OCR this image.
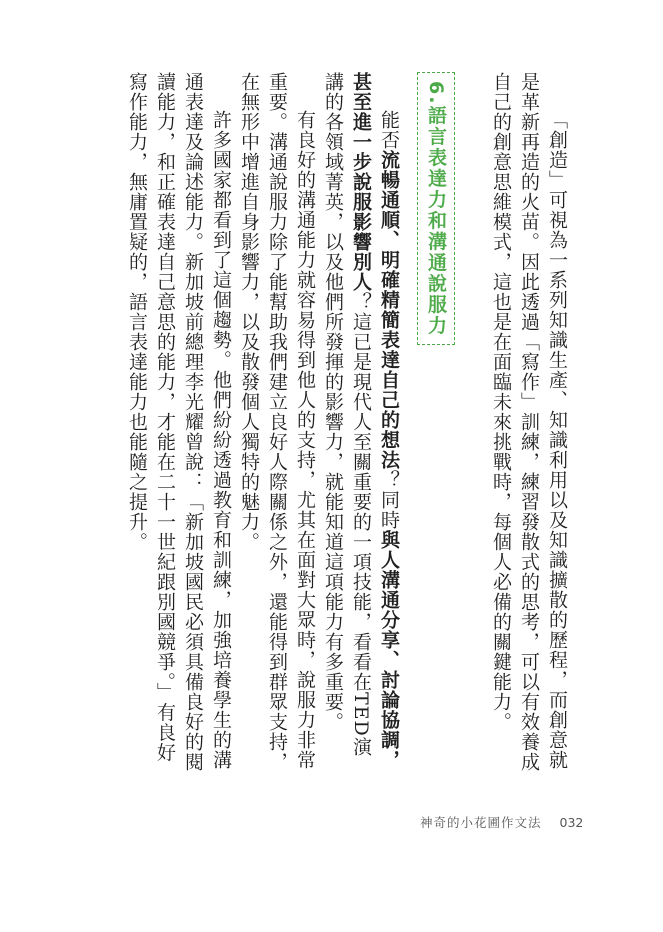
「創造」可視為一系列知識生產、知識利用以及知識擴散的歷程，而創意就是革新再造的火苗。因此透過「寫作」訓練，練習發散式的思考，可以有效養成自己的創意思維模式，這也是在面臨未來挑戰時，每個人必備的關鍵能力。

6.語言表達力和溝通說服力

能否流暢通順、明確精簡表達自己的想法？同時與人溝通分享、討論協調，甚至進一步說服影響別人？這已是現代人至關重要的一項技能，看看在TED演講的各領域菁英，以及他們所發揮的影響力，就能知道這項能力有多重要。

有良好的溝通能力就容易得到他人的支持，尤其在面對大眾時，說服力非常重要。溝通說服力除了能幫助我們建立良好人際關係之外，還能得到群眾支持，在無形中增進自身影響力，以及散發個人獨特的魅力。

許多國家都看到了這個趨勢。他們紛紛透過教育和訓練，加強培養學生的溝通表達及論述能力。新加坡前總理李光耀曾說：「新加坡國民必須具備良好的閱讀能力，和正確表達自己意思的能力，才能在二十一世紀跟別國競爭。」有良好寫作能力，無庸置疑的，語言表達能力也能隨之提升。

神奇的小花圃作文法 032
